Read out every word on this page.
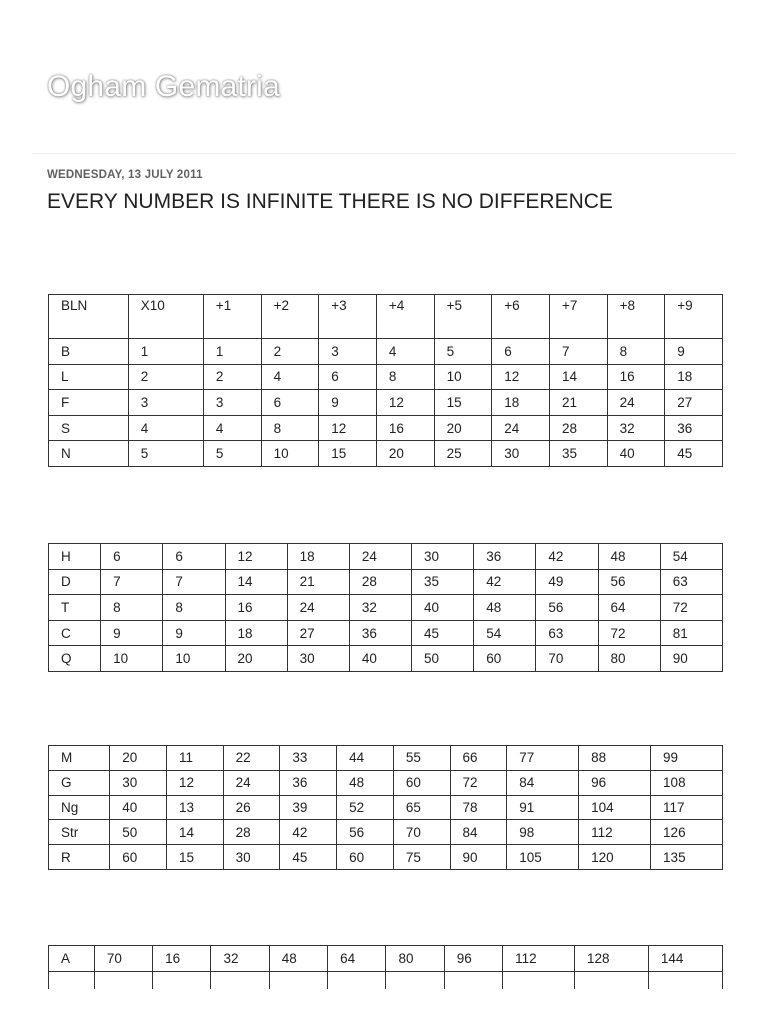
Ogham Gematria
WEDNESDAY, 13 JULY 2011
EVERY NUMBER IS INFINITE THERE IS NO DIFFERENCE
BLN	X10	+1	+2	+3	+4	+5	+6	+7	+8	+9
B	1	1	2	3	4	5	6	7	8	9
L	2	2	4	6	8	10	12	14	16	18
F	3	3	6	9	12	15	18	21	24	27
S	4	4	8	12	16	20	24	28	32	36
N	5	5	10	15	20	25	30	35	40	45
H	6	6	12	18	24	30	36	42	48	54
D	7	7	14	21	28	35	42	49	56	63
T	8	8	16	24	32	40	48	56	64	72
C	9	9	18	27	36	45	54	63	72	81
Q	10	10	20	30	40	50	60	70	80	90
M	20	11	22	33	44	55	66	77	88	99
G	30	12	24	36	48	60	72	84	96	108
Ng	40	13	26	39	52	65	78	91	104	117
Str	50	14	28	42	56	70	84	98	112	126
R	60	15	30	45	60	75	90	105	120	135
A	70	16	32	48	64	80	96	112	128	144
